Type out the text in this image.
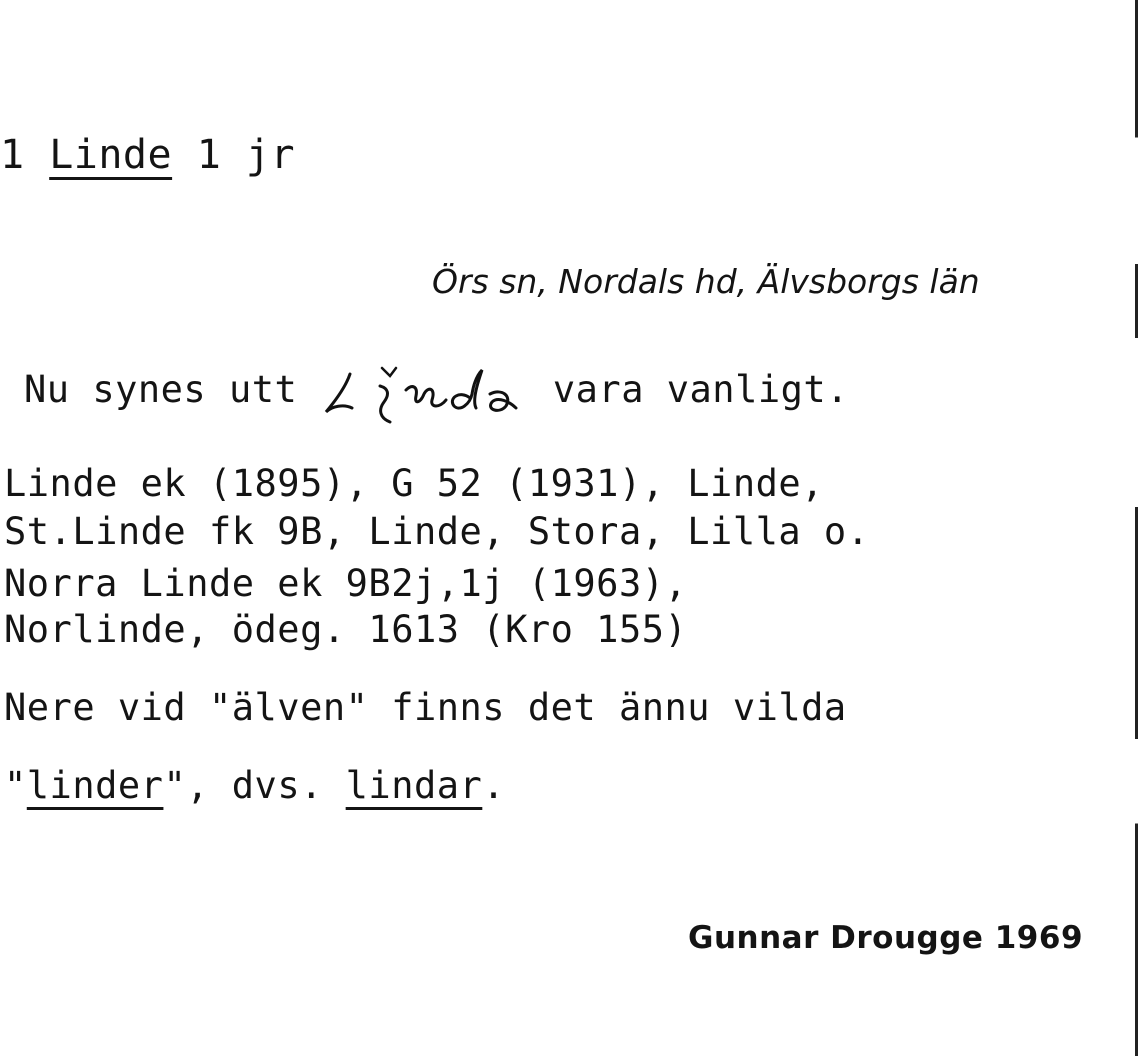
1 Linde 1 jr
Örs sn, Nordals hd, Älvsborgs län
Nu synes utt	vara vanligt.
Linde ek (1895), G 52 (1931), Linde,
St.Linde fk 9B, Linde, Stora, Lilla o.
Norra Linde ek 9B2j,1j (1963),
Norlinde, ödeg. 1613 (Kro 155)
Nere vid "älven" finns det ännu vilda
"linder", dvs. lindar.
Gunnar Drougge 1969
